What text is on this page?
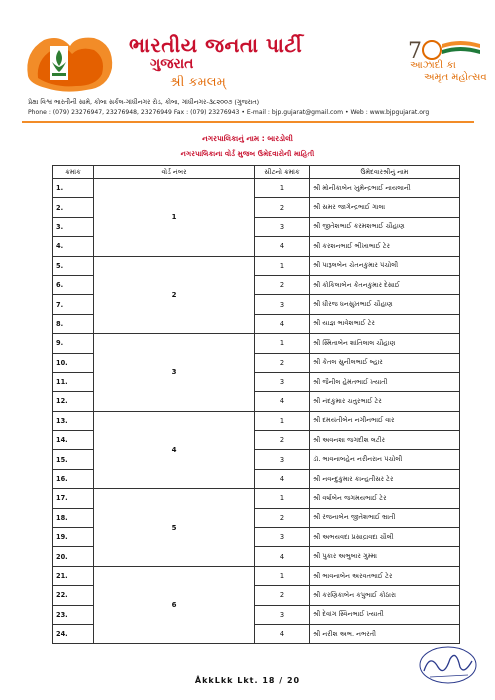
ભારતીય જનતા પાર્ટી
ગુજરાત
શ્રી કમલમ્
7
આઝાદી કા
અમૃત મહોત્સવ
પ્રેક્ષા વિશ્વ ભારતીની સામે, કોબા સર્કલ-ગાંધીનગર રોડ, કોબા, ગાંધીનગર-૩૮૨૦૦૭ (ગુજરાત)
Phone : (079) 23276947, 23276948, 23276949 Fax : (079) 23276943 • E-mail : bjp.gujarat@gmail.com • Web : www.bjpgujarat.org
નગરપાલિકાનું નામ : બારડોલી
નગરપાલિકાના વોર્ડ મુજબ ઉમેદવારોની માહિતી
ક્રમાંક	વોર્ડ નંબર	સીટનો ક્રમાંક	ઉમેદવારશ્રીનું નામ
1.	1	1	શ્રી મોનીકાબેન ખુમેન્દ્રભાઈ નાયલાની
2.		2	શ્રી સમર જાગેન્દ્રભાઈ ગાલા
3.		3	શ્રી જીતેશભાઈ કરમશભાઈ ચૌહાણ
4.		4	શ્રી કરશનભાઈ ભીખાભાઈ ટેર
5.	2	1	શ્રી પારૂલબેન ચેતનકુમાર પંચોલી
6.		2	શ્રી કોકિલાબેન કેતનકુમાર દેસાઈ
7.		3	શ્રી ધીરજ ધનસુખભાઈ ચૌહાણ
8.		4	શ્રી યાજ્ઞ ભાવેશભાઈ ટેર
9.	3	1	શ્રી સ્મિતાબેન શાંતિલાલ ચૌહાણ
10.		2	શ્રી કેતલ સુનીલભાઈ બ્હાર
11.		3	શ્રી જૈનીલ હેમંતભાઈ ખ્યાતી
12.		4	શ્રી નંદકુમાર ચતુરભાઈ ટેર
13.	4	1	શ્રી દમયંતીબેન નગીનભાઈ વાર
14.		2	શ્રી અવનશા જગદીશ લટીર
15.		3	ડૉ. ભાવનાબહેન નરીનરાન પંચોલી
16.		4	શ્રી નવન્દુકુમાર કાન્હતીસર ટેર
17.	5	1	શ્રી વર્ષાબેન જગમયભાઈ ટેર
18.		2	શ્રી રંજનાબેન જીતેશભાઈ ભ્રાતી
19.		3	શ્રી અભયવદા પ્રસાદ્રાવદા ચૌલી
20.		4	શ્રી પુકાર અભુબાર ગુમ્મા
21.	6	1	શ્રી ભાવનાબેન અરવતભાઈ ટેર
22.		2	શ્રી કરણિકાબેન કપુભાઈ કોઠારા
23.		3	શ્રી દેવાંગ સ્વિનભાઈ ખ્યાતી
24.		4	શ્રી નરીશ અભ. નભરતી
ÅkkLkk Lkt. 18 / 20
